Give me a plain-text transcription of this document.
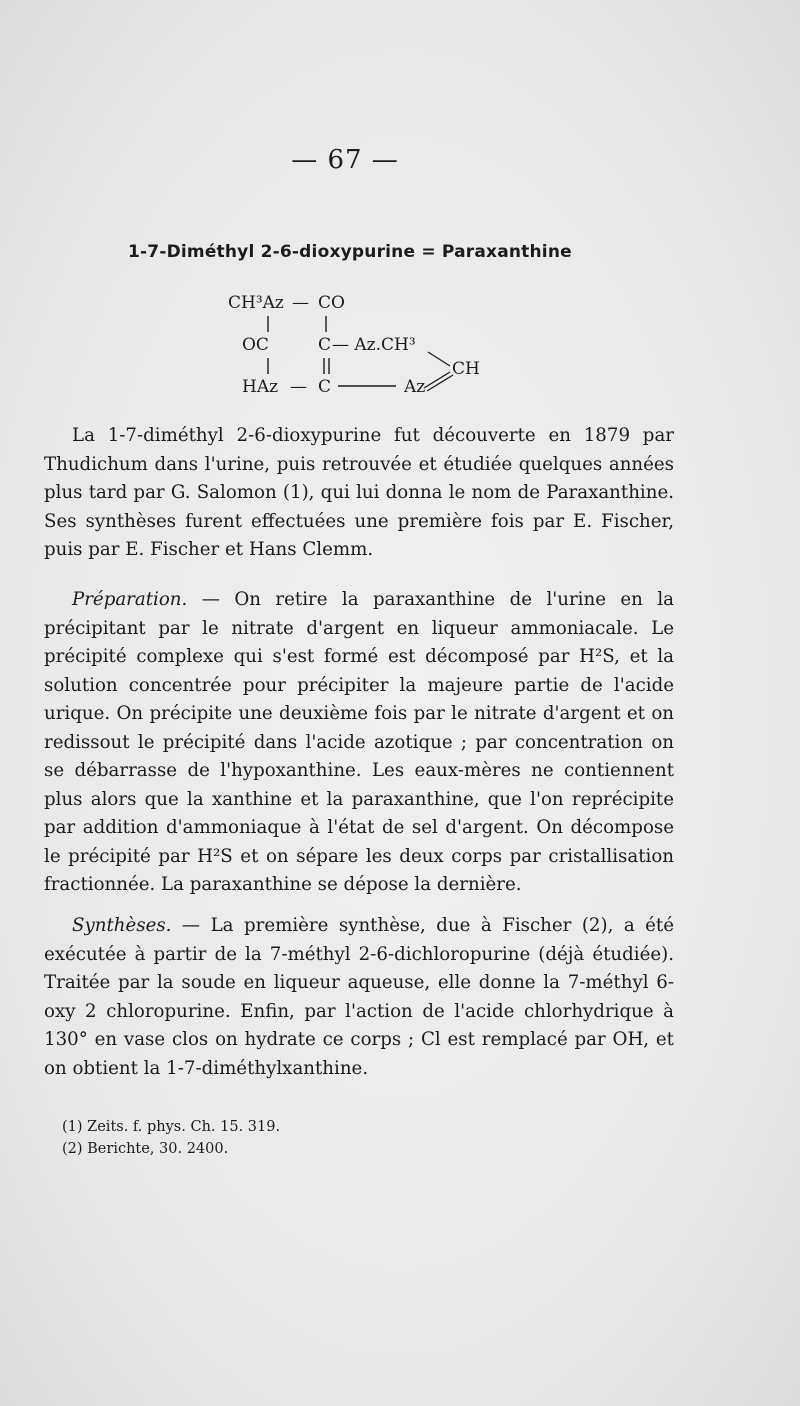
— 67 —
1-7-Diméthyl 2-6-dioxypurine = Paraxanthine
CH³Az — CO
OC	C — Az.CH³
CH
HAz — C	Az

La 1-7-diméthyl 2-6-dioxypurine fut découverte en 1879 par Thudichum dans l'urine, puis retrouvée et étudiée quelques années plus tard par G. Salomon (1), qui lui donna le nom de Paraxanthine. Ses synthèses furent effectuées une première fois par E. Fischer, puis par E. Fischer et Hans Clemm.

Préparation. — On retire la paraxanthine de l'urine en la précipitant par le nitrate d'argent en liqueur ammoniacale. Le précipité complexe qui s'est formé est décomposé par H²S, et la solution concentrée pour précipiter la majeure partie de l'acide urique. On précipite une deuxième fois par le nitrate d'argent et on redissout le précipité dans l'acide azotique ; par concentration on se débarrasse de l'hypoxanthine. Les eaux-mères ne contiennent plus alors que la xanthine et la paraxanthine, que l'on reprécipite par addition d'ammoniaque à l'état de sel d'argent. On décompose le précipité par H²S et on sépare les deux corps par cristallisation fractionnée. La paraxanthine se dépose la dernière.

Synthèses. — La première synthèse, due à Fischer (2), a été exécutée à partir de la 7-méthyl 2-6-dichloropurine (déjà étudiée). Traitée par la soude en liqueur aqueuse, elle donne la 7-méthyl 6-oxy 2 chloropurine. Enfin, par l'action de l'acide chlorhydrique à 130° en vase clos on hydrate ce corps ; Cl est remplacé par OH, et on obtient la 1-7-diméthylxanthine.

(1) Zeits. f. phys. Ch. 15. 319.
(2) Berichte, 30. 2400.
